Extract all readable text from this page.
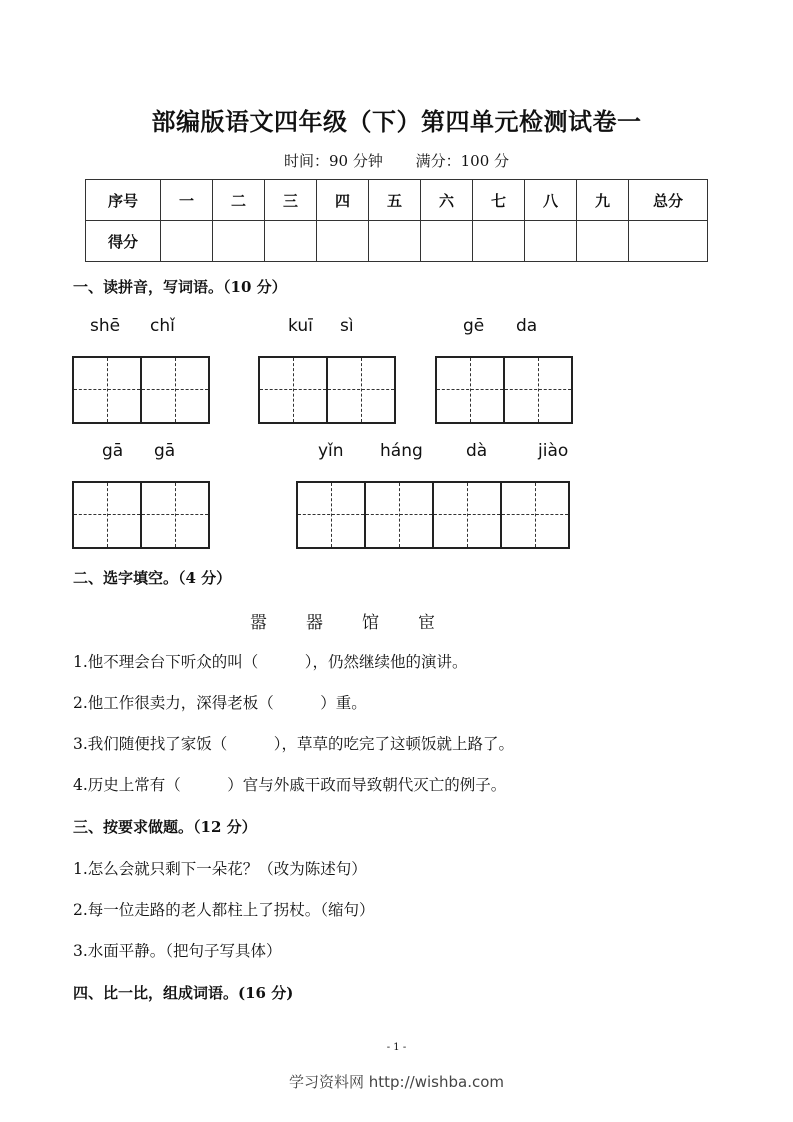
部编版语文四年级（下）第四单元检测试卷一
时间：90 分钟 满分：100 分
序号	一	二	三	四	五	六	七	八	九	总分
得分										
一、读拼音，写词语。（10 分）
shē chǐ	kuī sì	gē da
gā gā	yǐn háng	dà	jiào
二、选字填空。（4 分）
嚣 器 馆 宦
1.他不理会台下听众的叫（　　　），仍然继续他的演讲。
2.他工作很卖力，深得老板（　　　）重。
3.我们随便找了家饭（　　　），草草的吃完了这顿饭就上路了。
4.历史上常有（　　　）官与外戚干政而导致朝代灭亡的例子。
三、按要求做题。（12 分）
1.怎么会就只剩下一朵花？（改为陈述句）
2.每一位走路的老人都柱上了拐杖。（缩句）
3.水面平静。（把句子写具体）
四、比一比，组成词语。(16 分)
- 1 -
学习资料网 http://wishba.com
